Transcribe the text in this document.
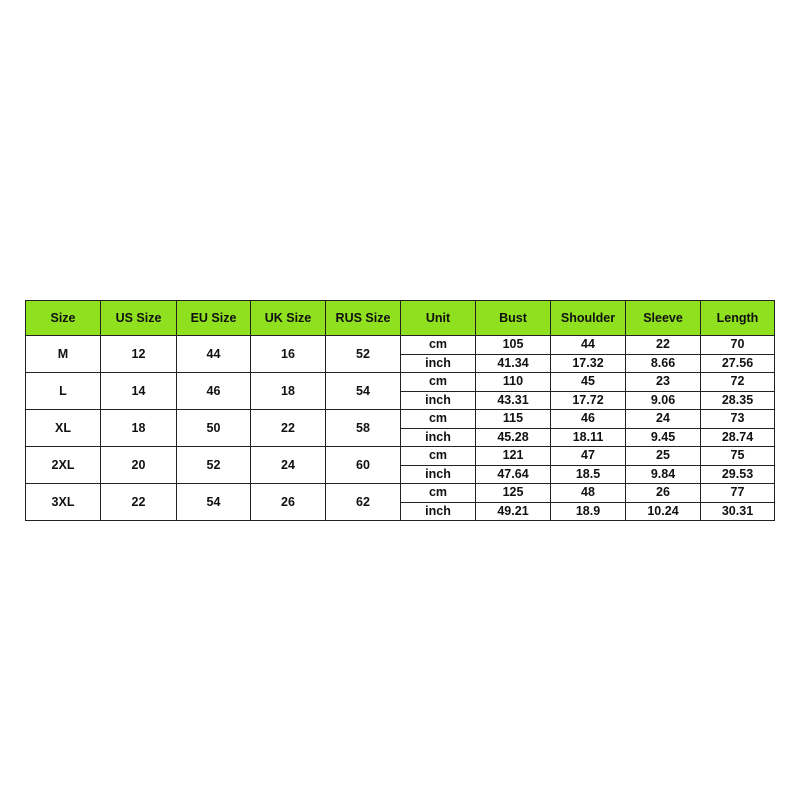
Size	US Size	EU Size	UK Size	RUS Size	Unit	Bust	Shoulder	Sleeve	Length
M	12	44	16	52	cm	105	44	22	70
					inch	41.34	17.32	8.66	27.56
L	14	46	18	54	cm	110	45	23	72
					inch	43.31	17.72	9.06	28.35
XL	18	50	22	58	cm	115	46	24	73
					inch	45.28	18.11	9.45	28.74
2XL	20	52	24	60	cm	121	47	25	75
					inch	47.64	18.5	9.84	29.53
3XL	22	54	26	62	cm	125	48	26	77
					inch	49.21	18.9	10.24	30.31
